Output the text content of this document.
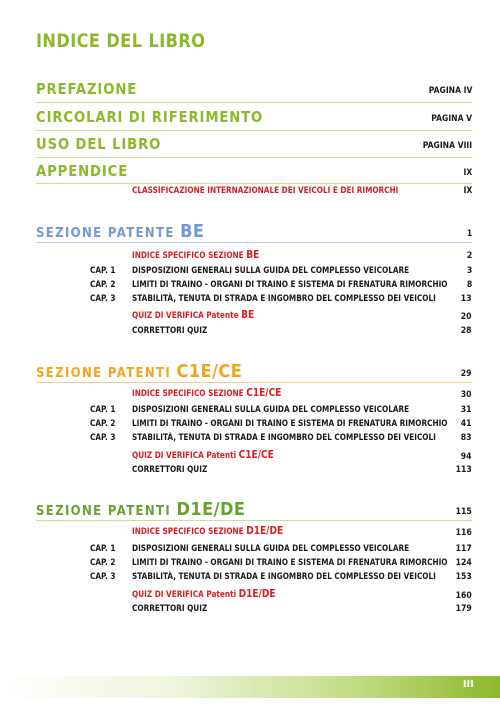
INDICE DEL LIBRO
PREFAZIONE	PAGINA IV
CIRCOLARI DI RIFERIMENTO	PAGINA V
USO DEL LIBRO	PAGINA VIII
APPENDICE	IX
CLASSIFICAZIONE INTERNAZIONALE DEI VEICOLI E DEI RIMORCHI	IX
SEZIONE PATENTE BE	1
INDICE SPECIFICO SEZIONE BE	2
CAP. 1 DISPOSIZIONI GENERALI SULLA GUIDA DEL COMPLESSO VEICOLARE	3
CAP. 2 LIMITI DI TRAINO - ORGANI DI TRAINO E SISTEMA DI FRENATURA RIMORCHIO 8
CAP. 3 STABILITÀ, TENUTA DI STRADA E INGOMBRO DEL COMPLESSO DEI VEICOLI	13
QUIZ DI VERIFICA Patente BE	20
CORRETTORI QUIZ	28
SEZIONE PATENTI C1E/CE	29
INDICE SPECIFICO SEZIONE C1E/CE	30
CAP. 1 DISPOSIZIONI GENERALI SULLA GUIDA DEL COMPLESSO VEICOLARE	31
CAP. 2 LIMITI DI TRAINO - ORGANI DI TRAINO E SISTEMA DI FRENATURA RIMORCHIO 41
CAP. 3 STABILITÀ, TENUTA DI STRADA E INGOMBRO DEL COMPLESSO DEI VEICOLI	83
QUIZ DI VERIFICA Patenti C1E/CE	94
CORRETTORI QUIZ	113
SEZIONE PATENTI D1E/DE	115
INDICE SPECIFICO SEZIONE D1E/DE	116
CAP. 1 DISPOSIZIONI GENERALI SULLA GUIDA DEL COMPLESSO VEICOLARE	117
CAP. 2 LIMITI DI TRAINO - ORGANI DI TRAINO E SISTEMA DI FRENATURA RIMORCHIO 124
CAP. 3 STABILITÀ, TENUTA DI STRADA E INGOMBRO DEL COMPLESSO DEI VEICOLI 153
QUIZ DI VERIFICA Patenti D1E/DE	160
CORRETTORI QUIZ	179
III
